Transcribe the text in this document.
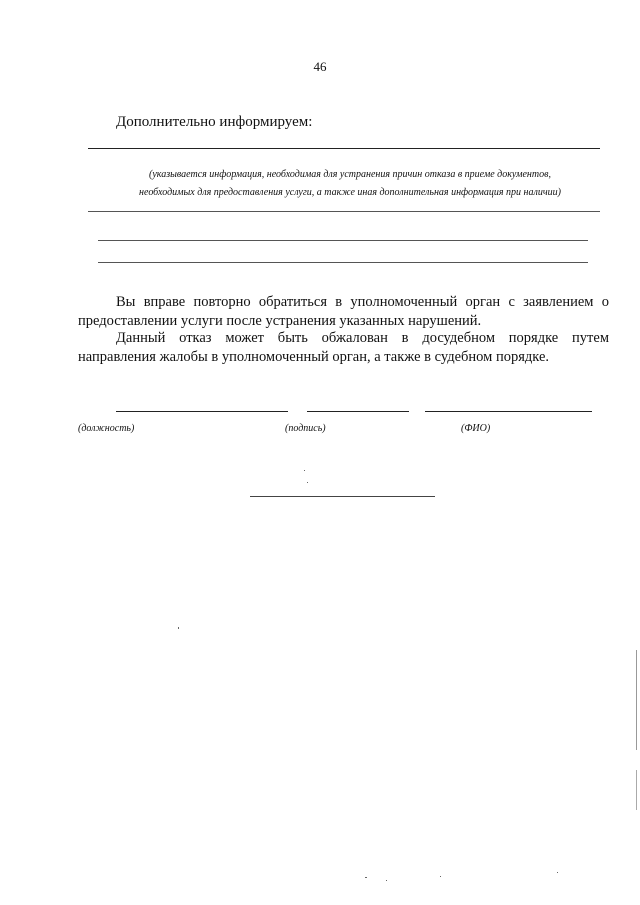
46
Дополнительно информируем:
(указывается информация, необходимая для устранения причин отказа в приеме документов,
необходимых для предоставления услуги, а также иная дополнительная информация при наличии)
Вы вправе повторно обратиться в уполномоченный орган с заявлением о предоставлении услуги после устранения указанных нарушений.
Данный отказ может быть обжалован в досудебном порядке путем направления жалобы в уполномоченный орган, а также в судебном порядке.
(должность)	(подпись)	(ФИО)
